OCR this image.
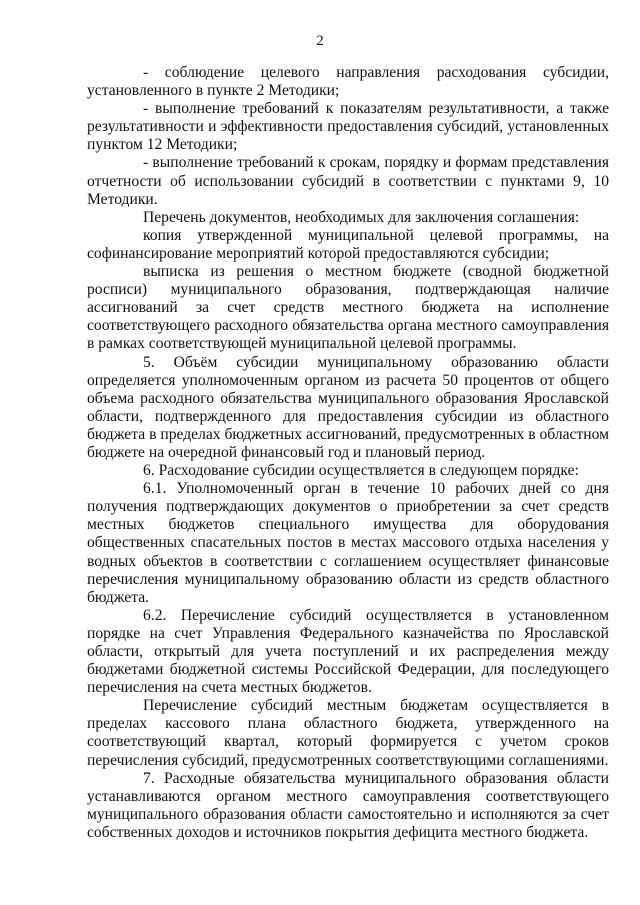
2

- соблюдение целевого направления расходования субсидии, установленного в пункте 2 Методики;

- выполнение требований к показателям результативности, а также результативности и эффективности предоставления субсидий, установленных пунктом 12 Методики;

- выполнение требований к срокам, порядку и формам представления отчетности об использовании субсидий в соответствии с пунктами 9, 10 Методики.

Перечень документов, необходимых для заключения соглашения:

копия утвержденной муниципальной целевой программы, на софинансирование мероприятий которой предоставляются субсидии;

выписка из решения о местном бюджете (сводной бюджетной росписи) муниципального образования, подтверждающая наличие ассигнований за счет средств местного бюджета на исполнение соответствующего расходного обязательства органа местного самоуправления в рамках соответствующей муниципальной целевой программы.

5. Объём субсидии муниципальному образованию области определяется уполномоченным органом из расчета 50 процентов от общего объема расходного обязательства муниципального образования Ярославской области, подтвержденного для предоставления субсидии из областного бюджета в пределах бюджетных ассигнований, предусмотренных в областном бюджете на очередной финансовый год и плановый период.

6. Расходование субсидии осуществляется в следующем порядке:

6.1. Уполномоченный орган в течение 10 рабочих дней со дня получения подтверждающих документов о приобретении за счет средств местных бюджетов специального имущества для оборудования общественных спасательных постов в местах массового отдыха населения у водных объектов в соответствии с соглашением осуществляет финансовые перечисления муниципальному образованию области из средств областного бюджета.

6.2. Перечисление субсидий осуществляется в установленном порядке на счет Управления Федерального казначейства по Ярославской области, открытый для учета поступлений и их распределения между бюджетами бюджетной системы Российской Федерации, для последующего перечисления на счета местных бюджетов.

Перечисление субсидий местным бюджетам осуществляется в пределах кассового плана областного бюджета, утвержденного на соответствующий квартал, который формируется с учетом сроков перечисления субсидий, предусмотренных соответствующими соглашениями.

7. Расходные обязательства муниципального образования области устанавливаются органом местного самоуправления соответствующего муниципального образования области самостоятельно и исполняются за счет собственных доходов и источников покрытия дефицита местного бюджета.
